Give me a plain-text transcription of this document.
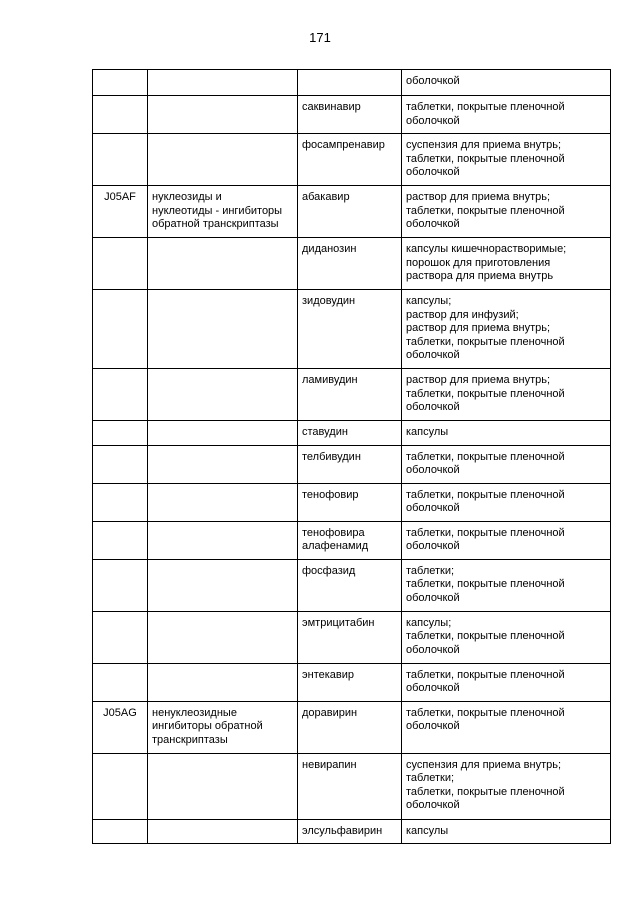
171

			оболочкой

		саквинавир	таблетки, покрытые пленочной
оболочкой

		фосампренавир	суспензия для приема внутрь;
таблетки, покрытые пленочной
оболочкой

J05AF	нуклеозиды и
нуклеотиды - ингибиторы
обратной транскриптазы	абакавир	раствор для приема внутрь;
таблетки, покрытые пленочной
оболочкой

		диданозин	капсулы кишечнорастворимые;
порошок для приготовления
раствора для приема внутрь

		зидовудин	капсулы;
раствор для инфузий;
раствор для приема внутрь;
таблетки, покрытые пленочной
оболочкой

		ламивудин	раствор для приема внутрь;
таблетки, покрытые пленочной
оболочкой

		ставудин	капсулы

		телбивудин	таблетки, покрытые пленочной
оболочкой

		тенофовир	таблетки, покрытые пленочной
оболочкой

		тенофовира
алафенамид	таблетки, покрытые пленочной
оболочкой

		фосфазид	таблетки;
таблетки, покрытые пленочной
оболочкой

		эмтрицитабин	капсулы;
таблетки, покрытые пленочной
оболочкой

		энтекавир	таблетки, покрытые пленочной
оболочкой

J05AG	ненуклеозидные
ингибиторы обратной
транскриптазы	доравирин	таблетки, покрытые пленочной
оболочкой

		невирапин	суспензия для приема внутрь;
таблетки;
таблетки, покрытые пленочной
оболочкой

		элсульфавирин	капсулы
